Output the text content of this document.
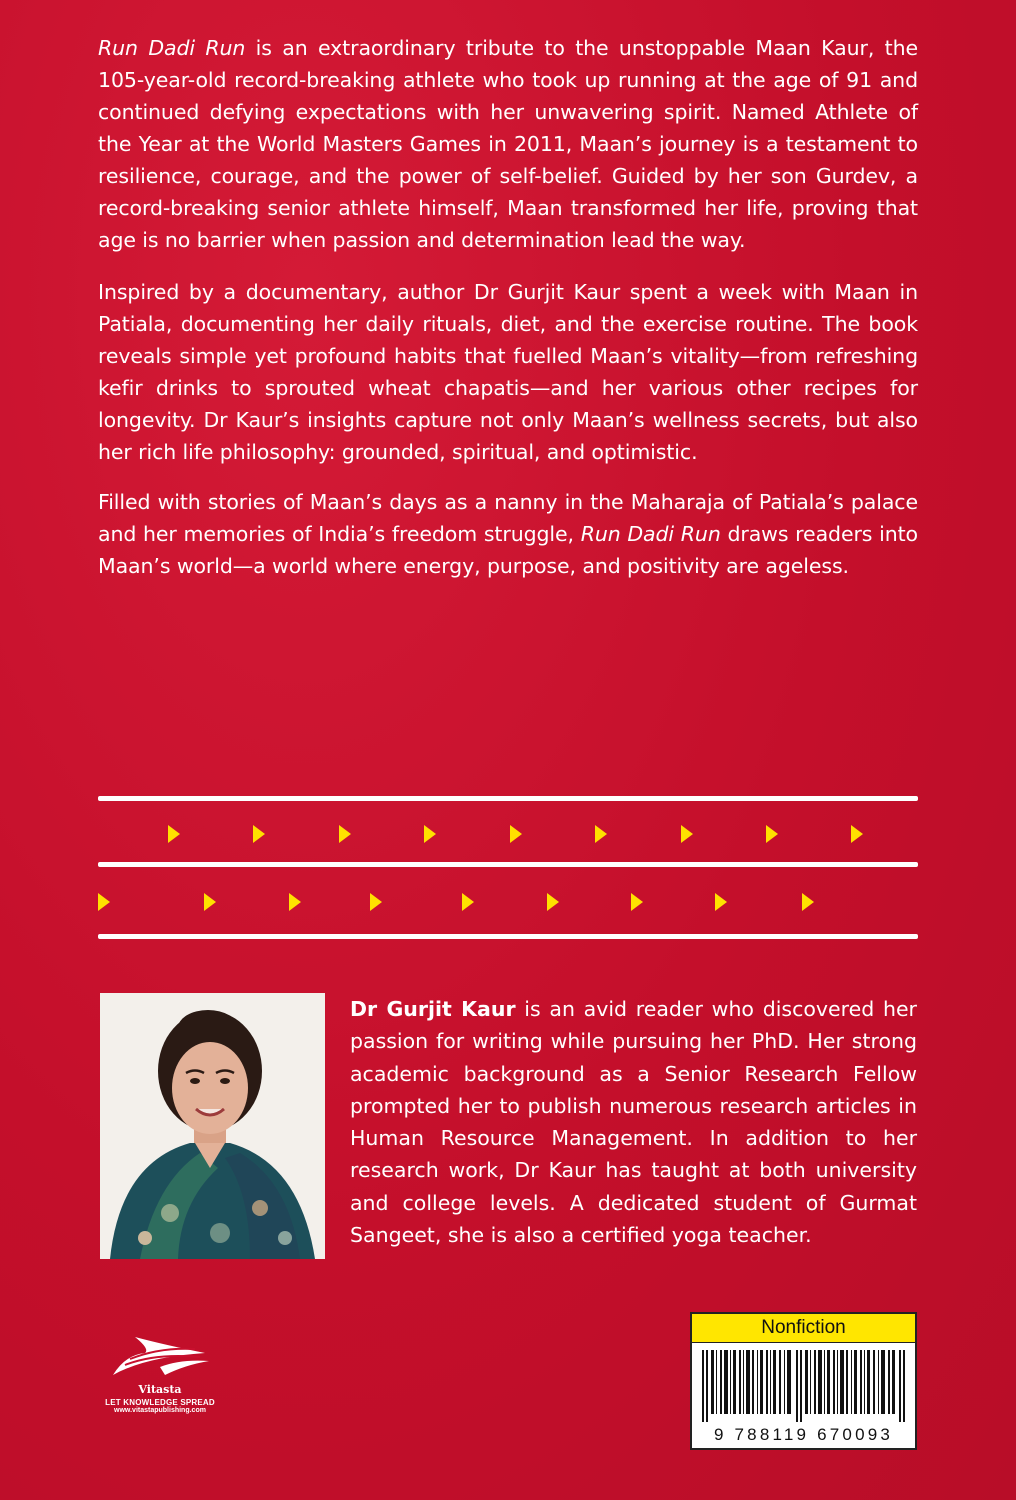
Run Dadi Run is an extraordinary tribute to the unstoppable Maan Kaur, the 105-year-old record-breaking athlete who took up running at the age of 91 and continued defying expectations with her unwavering spirit. Named Athlete of the Year at the World Masters Games in 2011, Maan’s journey is a testament to resilience, courage, and the power of self-belief. Guided by her son Gurdev, a record-breaking senior athlete himself, Maan transformed her life, proving that age is no barrier when passion and determination lead the way.

Inspired by a documentary, author Dr Gurjit Kaur spent a week with Maan in Patiala, documenting her daily rituals, diet, and the exercise routine. The book reveals simple yet profound habits that fuelled Maan’s vitality—from refreshing kefir drinks to sprouted wheat chapatis—and her various other recipes for longevity. Dr Kaur’s insights capture not only Maan’s wellness secrets, but also her rich life philosophy: grounded, spiritual, and optimistic.

Filled with stories of Maan’s days as a nanny in the Maharaja of Patiala’s palace and her memories of India’s freedom struggle, Run Dadi Run draws readers into Maan’s world—a world where energy, purpose, and positivity are ageless.

Dr Gurjit Kaur is an avid reader who discovered her passion for writing while pursuing her PhD. Her strong academic background as a Senior Research Fellow prompted her to publish numerous research articles in Human Resource Management. In addition to her research work, Dr Kaur has taught at both university and college levels. A dedicated student of Gurmat Sangeet, she is also a certified yoga teacher.

Vitasta
LET KNOWLEDGE SPREAD
www.vitastapublishing.com
Nonfiction
9 788119 670093
